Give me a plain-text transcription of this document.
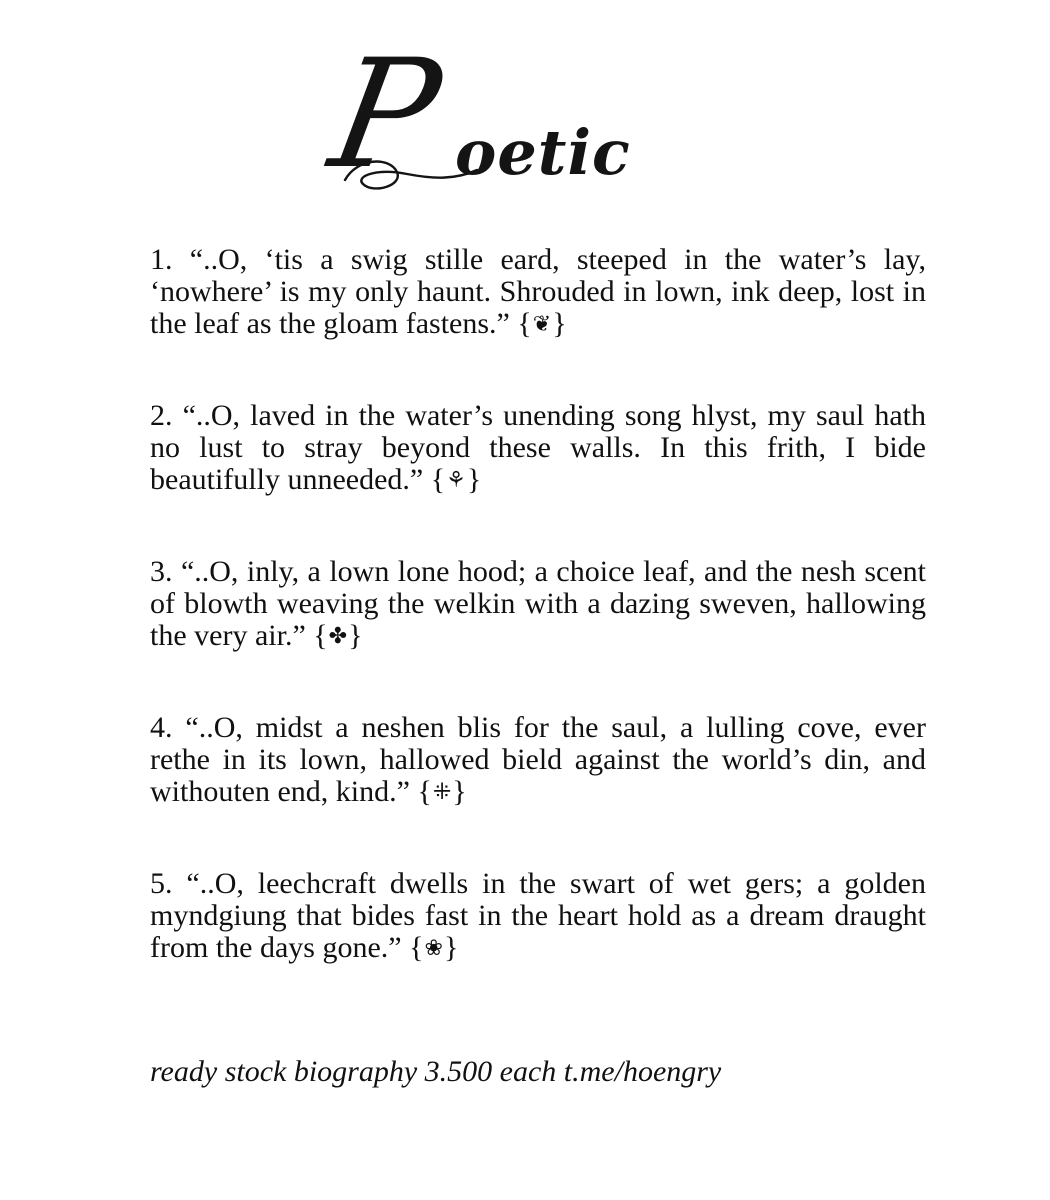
P oetic

1. “..O, ‘tis a swig stille eard, steeped in the water’s lay, ‘nowhere’ is my only haunt. Shrouded in lown, ink deep, lost in the leaf as the gloam fastens.” {❦}

2. “..O, laved in the water’s unending song hlyst, my saul hath no lust to stray beyond these walls. In this frith, I bide beautifully unneeded.” {⚘}

3. “..O, inly, a lown lone hood; a choice leaf, and the nesh scent of blowth weaving the welkin with a dazing sweven, hallowing the very air.” {✤}

4. “..O, midst a neshen blis for the saul, a lulling cove, ever rethe in its lown, hallowed bield against the world’s din, and withouten end, kind.” {⁜}

5. “..O, leechcraft dwells in the swart of wet gers; a golden myndgiung that bides fast in the heart hold as a dream draught from the days gone.” {❀}

ready stock biography 3.500 each t.me/hoengry
